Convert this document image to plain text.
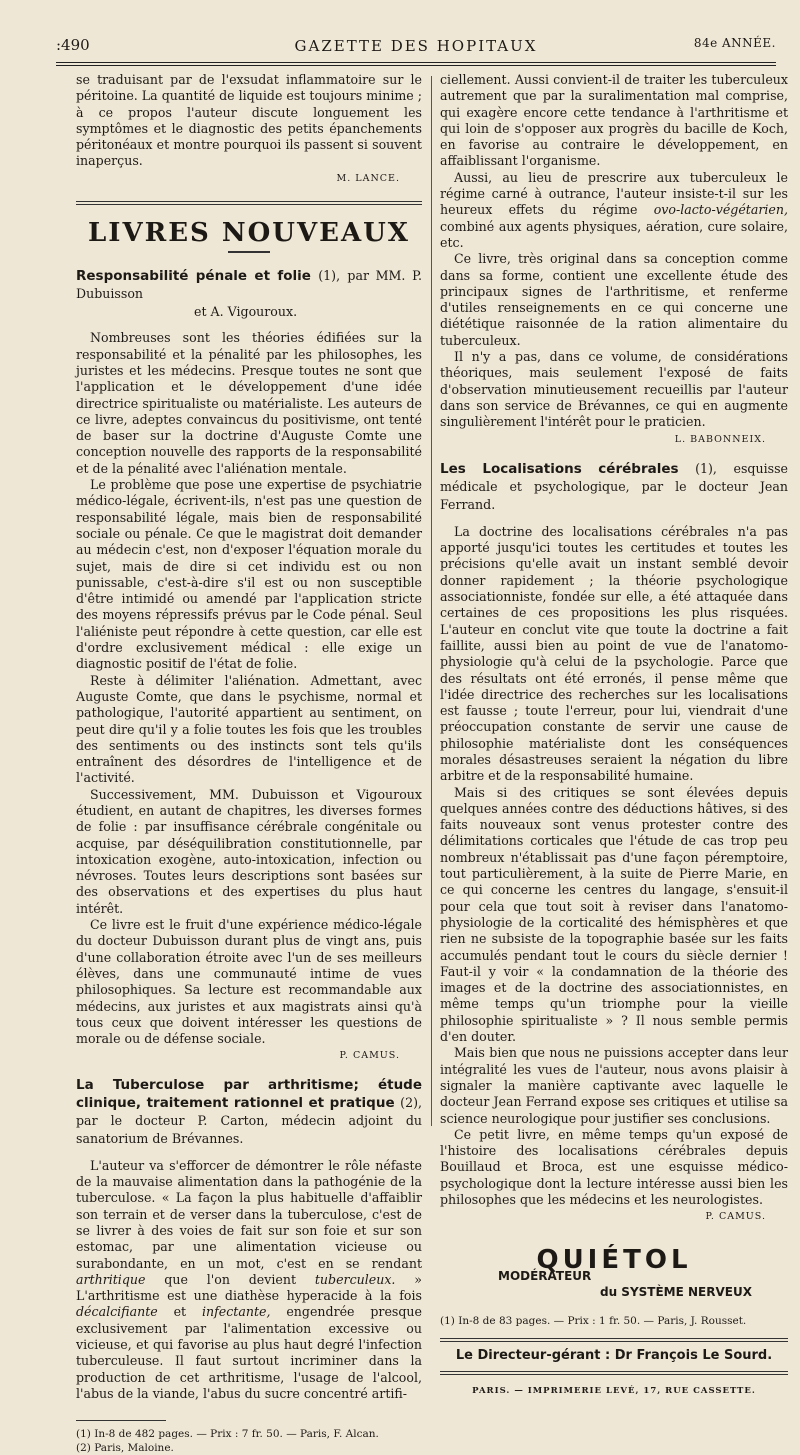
:490	GAZETTE DES HOPITAUX	84e ANNÉE.

se traduisant par de l'exsudat inflammatoire sur le péritoine. La quantité de liquide est toujours minime ; à ce propos l'auteur discute longuement les symptômes et le diagnostic des petits épanchements péritonéaux et montre pourquoi ils passent si souvent inaperçus.

M. LANCE.
LIVRES NOUVEAUX
Responsabilité pénale et folie (1), par MM. P. Dubuisson
et A. Vigouroux.

Nombreuses sont les théories édifiées sur la responsabilité et la pénalité par les philosophes, les juristes et les médecins. Presque toutes ne sont que l'application et le développement d'une idée directrice spiritualiste ou matérialiste. Les auteurs de ce livre, adeptes convaincus du positivisme, ont tenté de baser sur la doctrine d'Auguste Comte une conception nouvelle des rapports de la responsabilité et de la pénalité avec l'aliénation mentale.

Le problème que pose une expertise de psychiatrie médico-légale, écrivent-ils, n'est pas une question de responsabilité légale, mais bien de responsabilité sociale ou pénale. Ce que le magistrat doit demander au médecin c'est, non d'exposer l'équation morale du sujet, mais de dire si cet individu est ou non punissable, c'est-à-dire s'il est ou non susceptible d'être intimidé ou amendé par l'application stricte des moyens répressifs prévus par le Code pénal. Seul l'aliéniste peut répondre à cette question, car elle est d'ordre exclusivement médical : elle exige un diagnostic positif de l'état de folie.

Reste à délimiter l'aliénation. Admettant, avec Auguste Comte, que dans le psychisme, normal et pathologique, l'autorité appartient au sentiment, on peut dire qu'il y a folie toutes les fois que les troubles des sentiments ou des instincts sont tels qu'ils entraînent des désordres de l'intelligence et de l'activité.

Successivement, MM. Dubuisson et Vigouroux étudient, en autant de chapitres, les diverses formes de folie : par insuffisance cérébrale congénitale ou acquise, par déséquilibration constitutionnelle, par intoxication exogène, auto-intoxication, infection ou névroses. Toutes leurs descriptions sont basées sur des observations et des expertises du plus haut intérêt.

Ce livre est le fruit d'une expérience médico-légale du docteur Dubuisson durant plus de vingt ans, puis d'une collaboration étroite avec l'un de ses meilleurs élèves, dans une communauté intime de vues philosophiques. Sa lecture est recommandable aux médecins, aux juristes et aux magistrats ainsi qu'à tous ceux que doivent intéresser les questions de morale ou de défense sociale.

P. CAMUS.
La Tuberculose par arthritisme; étude clinique, traitement rationnel et pratique (2), par le docteur P. Carton, médecin adjoint du sanatorium de Brévannes.

L'auteur va s'efforcer de démontrer le rôle néfaste de la mauvaise alimentation dans la pathogénie de la tuberculose. « La façon la plus habituelle d'affaiblir son terrain et de verser dans la tuberculose, c'est de se livrer à des voies de fait sur son foie et sur son estomac, par une alimentation vicieuse ou surabondante, en un mot, c'est en se rendant arthritique que l'on devient tuberculeux. » L'arthritisme est une diathèse hyperacide à la fois décalcifiante et infectante, engendrée presque exclusivement par l'alimentation excessive ou vicieuse, et qui favorise au plus haut degré l'infection tuberculeuse. Il faut surtout incriminer dans la production de cet arthritisme, l'usage de l'alcool, l'abus de la viande, l'abus du sucre concentré artifi-

(1) In-8 de 482 pages. — Prix : 7 fr. 50. — Paris, F. Alcan.
(2) Paris, Maloine.

ciellement. Aussi convient-il de traiter les tuberculeux autrement que par la suralimentation mal comprise, qui exagère encore cette tendance à l'arthritisme et qui loin de s'opposer aux progrès du bacille de Koch, en favorise au contraire le développement, en affaiblissant l'organisme.

Aussi, au lieu de prescrire aux tuberculeux le régime carné à outrance, l'auteur insiste-t-il sur les heureux effets du régime ovo-lacto-végétarien, combiné aux agents physiques, aération, cure solaire, etc.

Ce livre, très original dans sa conception comme dans sa forme, contient une excellente étude des principaux signes de l'arthritisme, et renferme d'utiles renseignements en ce qui concerne une diététique raisonnée de la ration alimentaire du tuberculeux.

Il n'y a pas, dans ce volume, de considérations théoriques, mais seulement l'exposé de faits d'observation minutieusement recueillis par l'auteur dans son service de Brévannes, ce qui en augmente singulièrement l'intérêt pour le praticien.

L. BABONNEIX.
Les Localisations cérébrales (1), esquisse médicale et psychologique, par le docteur Jean Ferrand.

La doctrine des localisations cérébrales n'a pas apporté jusqu'ici toutes les certitudes et toutes les précisions qu'elle avait un instant semblé devoir donner rapidement ; la théorie psychologique associationniste, fondée sur elle, a été attaquée dans certaines de ces propositions les plus risquées. L'auteur en conclut vite que toute la doctrine a fait faillite, aussi bien au point de vue de l'anatomo-physiologie qu'à celui de la psychologie. Parce que des résultats ont été erronés, il pense même que l'idée directrice des recherches sur les localisations est fausse ; toute l'erreur, pour lui, viendrait d'une préoccupation constante de servir une cause de philosophie matérialiste dont les conséquences morales désastreuses seraient la négation du libre arbitre et de la responsabilité humaine.

Mais si des critiques se sont élevées depuis quelques années contre des déductions hâtives, si des faits nouveaux sont venus protester contre des délimitations corticales que l'étude de cas trop peu nombreux n'établissait pas d'une façon péremptoire, tout particulièrement, à la suite de Pierre Marie, en ce qui concerne les centres du langage, s'ensuit-il pour cela que tout soit à reviser dans l'anatomo-physiologie de la corticalité des hémisphères et que rien ne subsiste de la topographie basée sur les faits accumulés pendant tout le cours du siècle dernier ! Faut-il y voir « la condamnation de la théorie des images et de la doctrine des associationnistes, en même temps qu'un triomphe pour la vieille philosophie spiritualiste » ? Il nous semble permis d'en douter.

Mais bien que nous ne puissions accepter dans leur intégralité les vues de l'auteur, nous avons plaisir à signaler la manière captivante avec laquelle le docteur Jean Ferrand expose ses critiques et utilise sa science neurologique pour justifier ses conclusions.

Ce petit livre, en même temps qu'un exposé de l'histoire des localisations cérébrales depuis Bouillaud et Broca, est une esquisse médico-psychologique dont la lecture intéresse aussi bien les philosophes que les médecins et les neurologistes.

P. CAMUS.
QUIÉTOL
MODÉRATEUR
du SYSTÈME NERVEUX
(1) In-8 de 83 pages. — Prix : 1 fr. 50. — Paris, J. Rousset.
Le Directeur-gérant : Dr François Le Sourd.
PARIS. — IMPRIMERIE LEVÉ, 17, RUE CASSETTE.
